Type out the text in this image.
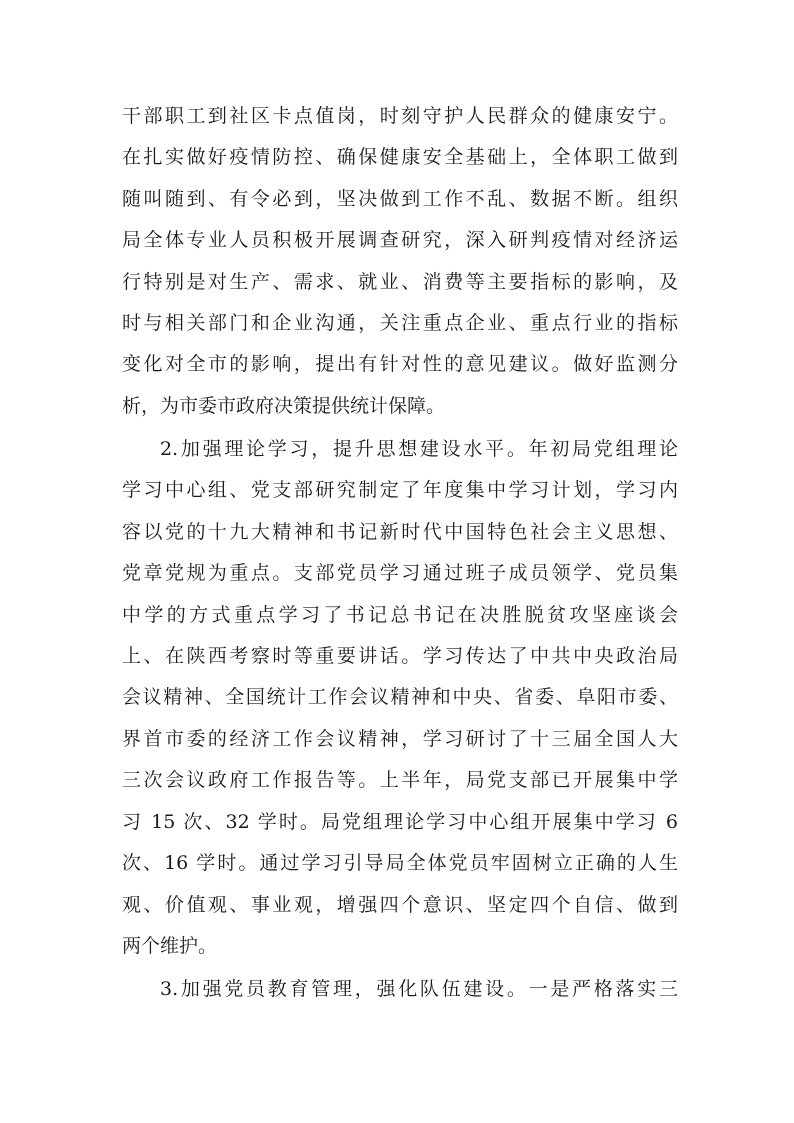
干部职工到社区卡点值岗，时刻守护人民群众的健康安宁。
在扎实做好疫情防控、确保健康安全基础上，全体职工做到
随叫随到、有令必到，坚决做到工作不乱、数据不断。组织
局全体专业人员积极开展调查研究，深入研判疫情对经济运
行特别是对生产、需求、就业、消费等主要指标的影响，及
时与相关部门和企业沟通，关注重点企业、重点行业的指标
变化对全市的影响，提出有针对性的意见建议。做好监测分
析，为市委市政府决策提供统计保障。
2.加强理论学习，提升思想建设水平。年初局党组理论
学习中心组、党支部研究制定了年度集中学习计划，学习内
容以党的十九大精神和书记新时代中国特色社会主义思想、
党章党规为重点。支部党员学习通过班子成员领学、党员集
中学的方式重点学习了书记总书记在决胜脱贫攻坚座谈会
上、在陕西考察时等重要讲话。学习传达了中共中央政治局
会议精神、全国统计工作会议精神和中央、省委、阜阳市委、
界首市委的经济工作会议精神，学习研讨了十三届全国人大
三次会议政府工作报告等。上半年，局党支部已开展集中学
习 15 次、32 学时。局党组理论学习中心组开展集中学习 6
次、16 学时。通过学习引导局全体党员牢固树立正确的人生
观、价值观、事业观，增强四个意识、坚定四个自信、做到
两个维护。
3.加强党员教育管理，强化队伍建设。一是严格落实三
